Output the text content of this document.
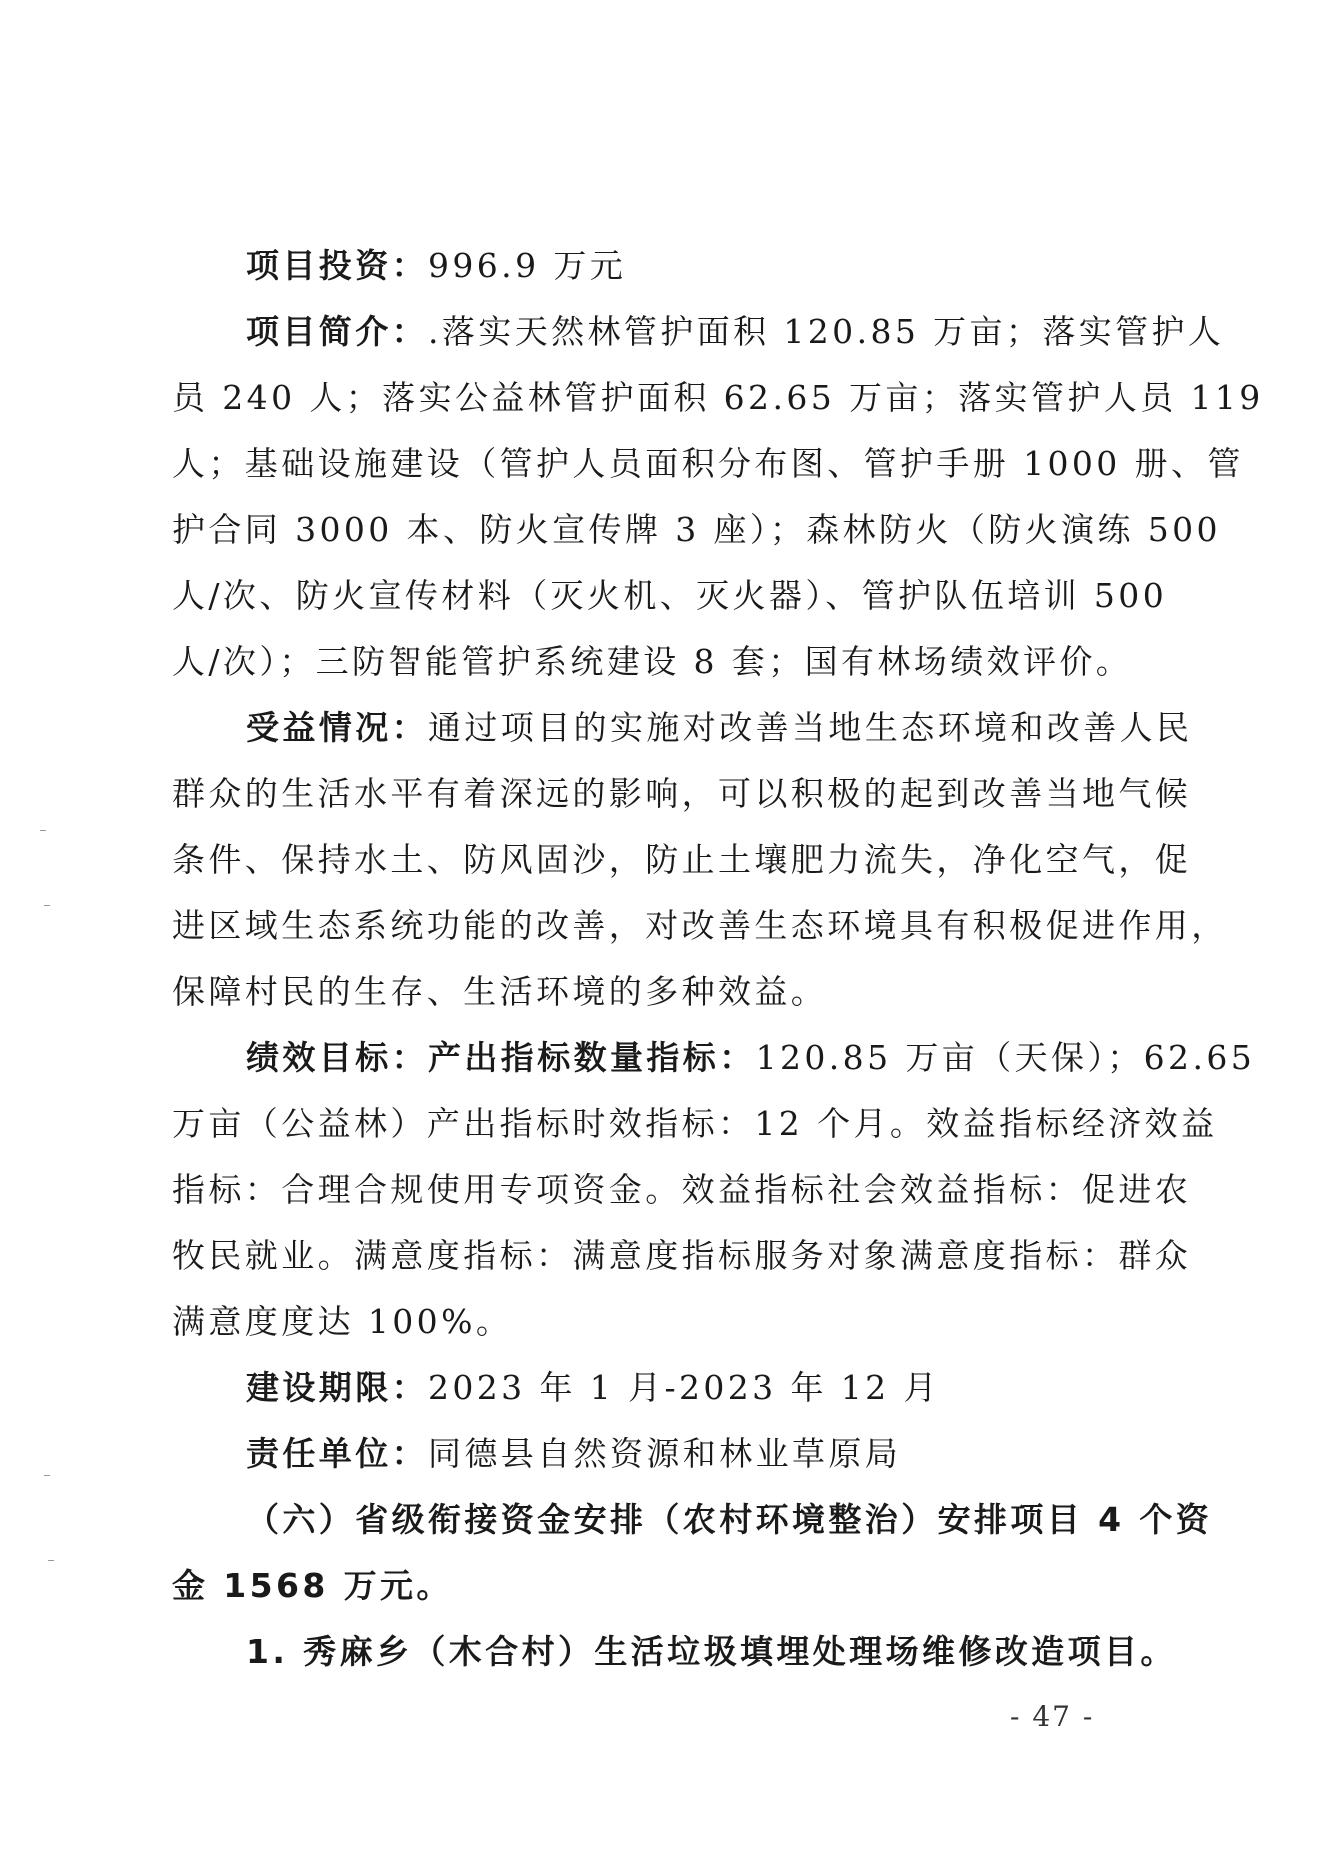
项目投资：996.9 万元
项目简介：.落实天然林管护面积 120.85 万亩；落实管护人
员 240 人；落实公益林管护面积 62.65 万亩；落实管护人员 119
人；基础设施建设（管护人员面积分布图、管护手册 1000 册、管
护合同 3000 本、防火宣传牌 3 座）；森林防火（防火演练 500
人/次、防火宣传材料（灭火机、灭火器）、管护队伍培训 500
人/次）；三防智能管护系统建设 8 套；国有林场绩效评价。
受益情况：通过项目的实施对改善当地生态环境和改善人民
群众的生活水平有着深远的影响，可以积极的起到改善当地气候
条件、保持水土、防风固沙，防止土壤肥力流失，净化空气，促
进区域生态系统功能的改善，对改善生态环境具有积极促进作用，
保障村民的生存、生活环境的多种效益。
绩效目标：产出指标数量指标：120.85 万亩（天保）；62.65
万亩（公益林）产出指标时效指标：12 个月。效益指标经济效益
指标：合理合规使用专项资金。效益指标社会效益指标：促进农
牧民就业。满意度指标：满意度指标服务对象满意度指标：群众
满意度度达 100%。
建设期限：2023 年 1 月-2023 年 12 月
责任单位：同德县自然资源和林业草原局
（六）省级衔接资金安排（农村环境整治）安排项目 4 个资
金 1568 万元。
1. 秀麻乡（木合村）生活垃圾填埋处理场维修改造项目。
- 47 -
